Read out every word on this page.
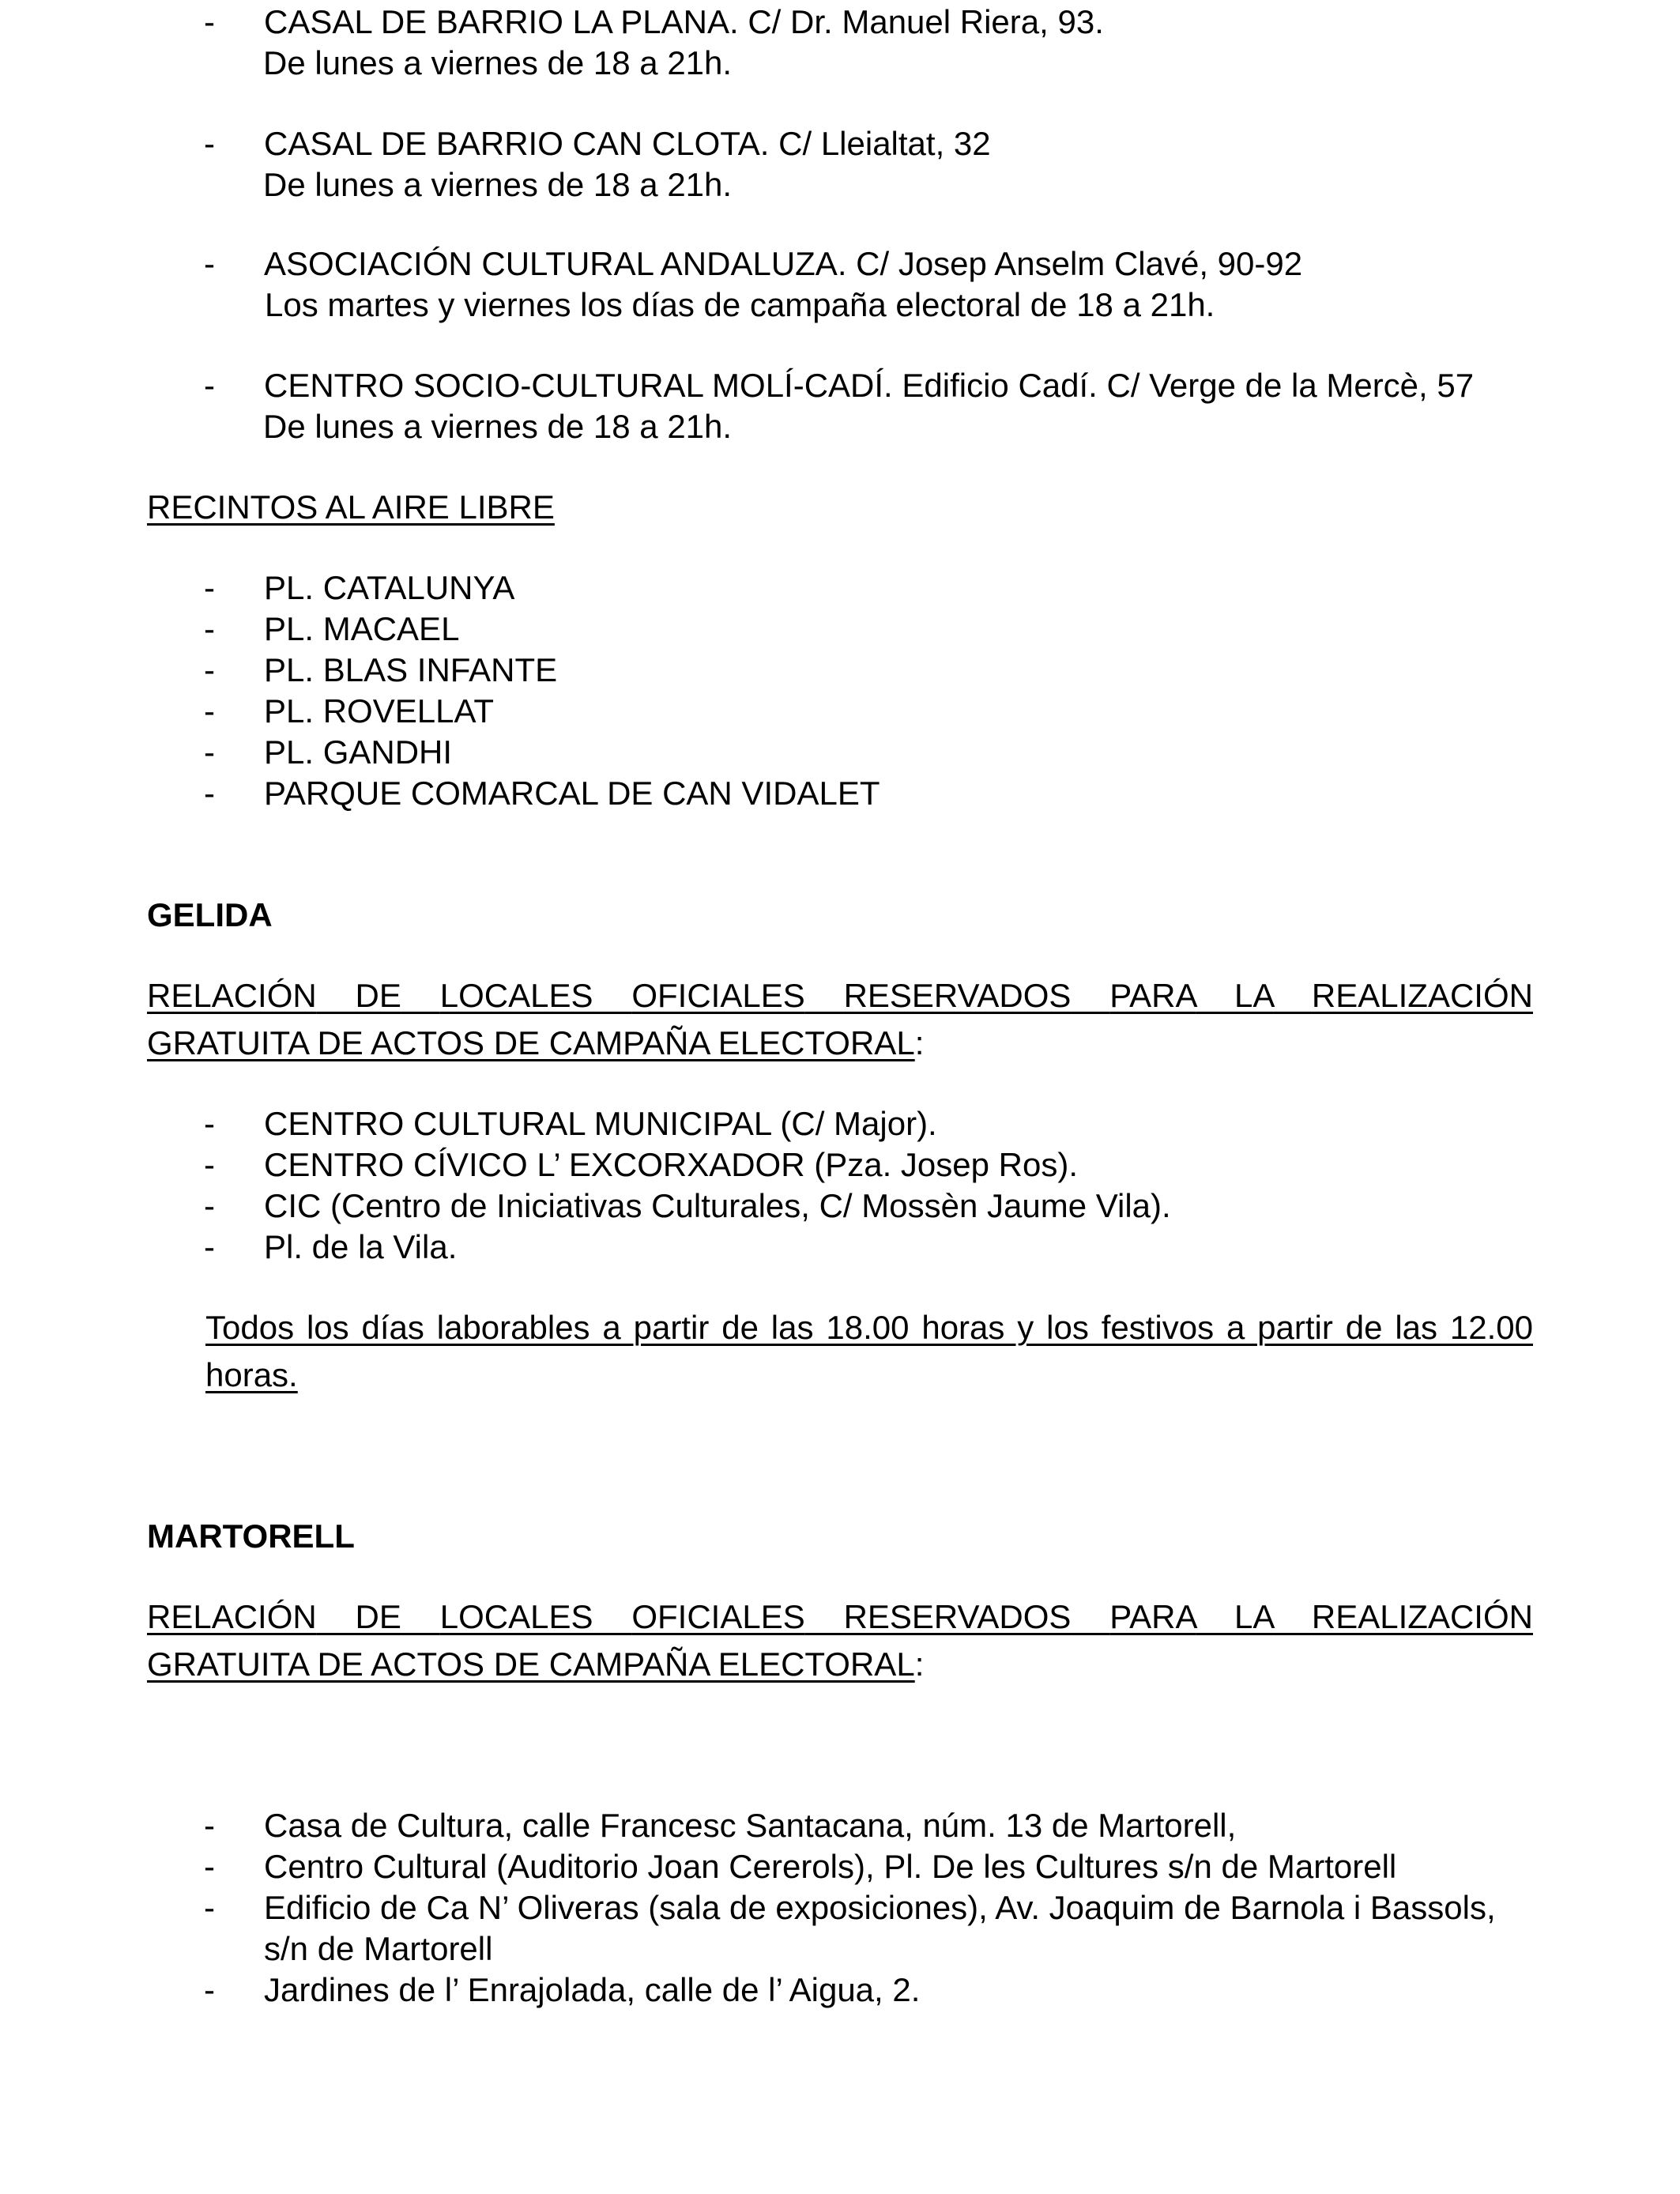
- CASAL DE BARRIO LA PLANA. C/ Dr. Manuel Riera, 93.
De lunes a viernes de 18 a 21h.
- CASAL DE BARRIO CAN CLOTA. C/ Lleialtat, 32
De lunes a viernes de 18 a 21h.
- ASOCIACIÓN CULTURAL ANDALUZA. C/ Josep Anselm Clavé, 90-92
Los martes y viernes los días de campaña electoral de 18 a 21h.
- CENTRO SOCIO-CULTURAL MOLÍ-CADÍ. Edificio Cadí. C/ Verge de la Mercè, 57
De lunes a viernes de 18 a 21h.
RECINTOS AL AIRE LIBRE
- PL. CATALUNYA
- PL. MACAEL
- PL. BLAS INFANTE
- PL. ROVELLAT
- PL. GANDHI
- PARQUE COMARCAL DE CAN VIDALET
GELIDA
RELACIÓN DE LOCALES OFICIALES RESERVADOS PARA LA REALIZACIÓN
GRATUITA DE ACTOS DE CAMPAÑA ELECTORAL:
- CENTRO CULTURAL MUNICIPAL (C/ Major).
- CENTRO CÍVICO L’ EXCORXADOR (Pza. Josep Ros).
- CIC (Centro de Iniciativas Culturales, C/ Mossèn Jaume Vila).
- Pl. de la Vila.
Todos los días laborables a partir de las 18.00 horas y los festivos a partir de las 12.00
horas.
MARTORELL
RELACIÓN DE LOCALES OFICIALES RESERVADOS PARA LA REALIZACIÓN
GRATUITA DE ACTOS DE CAMPAÑA ELECTORAL:
- Casa de Cultura, calle Francesc Santacana, núm. 13 de Martorell,
- Centro Cultural (Auditorio Joan Cererols), Pl. De les Cultures s/n de Martorell
- Edificio de Ca N’ Oliveras (sala de exposiciones), Av. Joaquim de Barnola i Bassols,
s/n de Martorell
- Jardines de l’ Enrajolada, calle de l’ Aigua, 2.
